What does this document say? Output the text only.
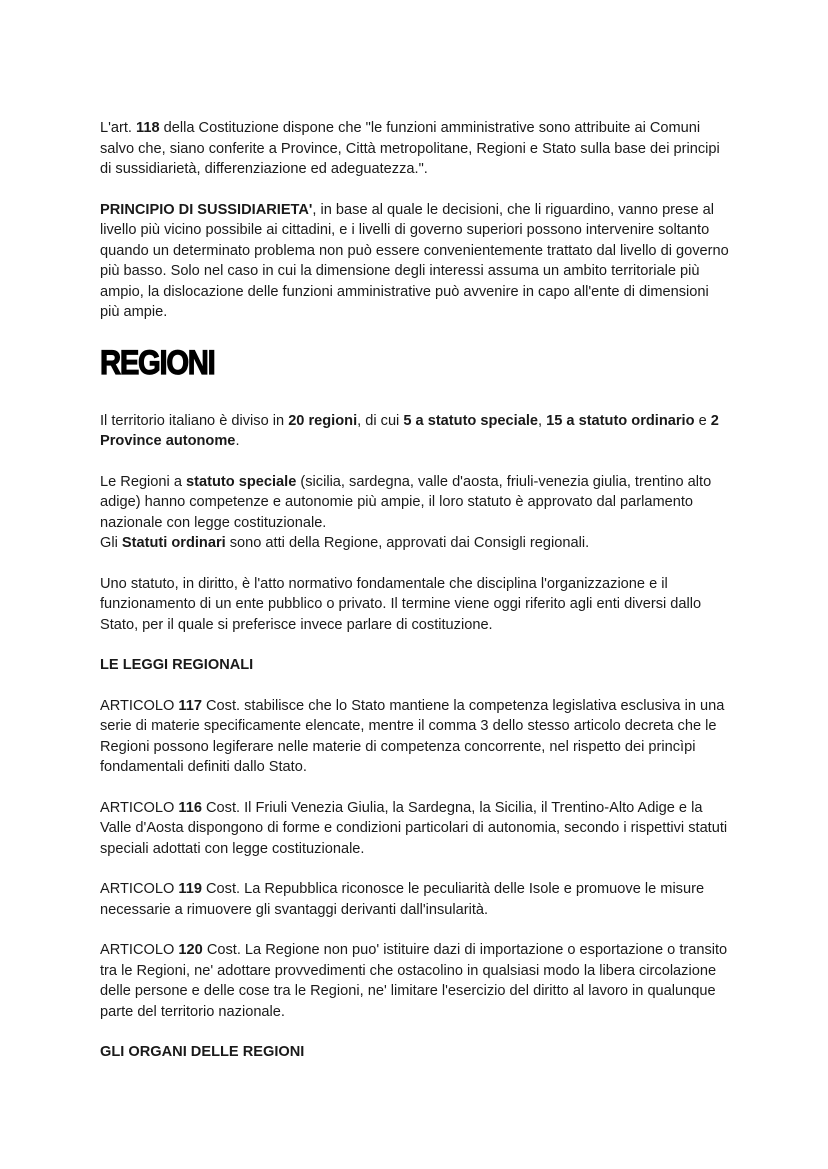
L'art. 118 della Costituzione dispone che "le funzioni amministrative sono attribuite ai Comuni salvo che, siano conferite a Province, Città metropolitane, Regioni e Stato sulla base dei principi di sussidiarietà, differenziazione ed adeguatezza.".

PRINCIPIO DI SUSSIDIARIETA', in base al quale le decisioni, che li riguardino, vanno prese al livello più vicino possibile ai cittadini, e i livelli di governo superiori possono intervenire soltanto quando un determinato problema non può essere convenientemente trattato dal livello di governo più basso. Solo nel caso in cui la dimensione degli interessi assuma un ambito territoriale più ampio, la dislocazione delle funzioni amministrative può avvenire in capo all'ente di dimensioni più ampie.

REGIONI

Il territorio italiano è diviso in 20 regioni, di cui 5 a statuto speciale, 15 a statuto ordinario e 2 Province autonome.

Le Regioni a statuto speciale (sicilia, sardegna, valle d'aosta, friuli-venezia giulia, trentino alto adige) hanno competenze e autonomie più ampie, il loro statuto è approvato dal parlamento nazionale con legge costituzionale.

Gli Statuti ordinari sono atti della Regione, approvati dai Consigli regionali.

Uno statuto, in diritto, è l'atto normativo fondamentale che disciplina l'organizzazione e il funzionamento di un ente pubblico o privato. Il termine viene oggi riferito agli enti diversi dallo Stato, per il quale si preferisce invece parlare di costituzione.

LE LEGGI REGIONALI

ARTICOLO 117 Cost. stabilisce che lo Stato mantiene la competenza legislativa esclusiva in una serie di materie specificamente elencate, mentre il comma 3 dello stesso articolo decreta che le Regioni possono legiferare nelle materie di competenza concorrente, nel rispetto dei princìpi fondamentali definiti dallo Stato.

ARTICOLO 116 Cost. Il Friuli Venezia Giulia, la Sardegna, la Sicilia, il Trentino-Alto Adige e la Valle d'Aosta dispongono di forme e condizioni particolari di autonomia, secondo i rispettivi statuti speciali adottati con legge costituzionale.

ARTICOLO 119 Cost. La Repubblica riconosce le peculiarità delle Isole e promuove le misure necessarie a rimuovere gli svantaggi derivanti dall'insularità.

ARTICOLO 120 Cost. La Regione non puo' istituire dazi di importazione o esportazione o transito tra le Regioni, ne' adottare provvedimenti che ostacolino in qualsiasi modo la libera circolazione delle persone e delle cose tra le Regioni, ne' limitare l'esercizio del diritto al lavoro in qualunque parte del territorio nazionale.

GLI ORGANI DELLE REGIONI
